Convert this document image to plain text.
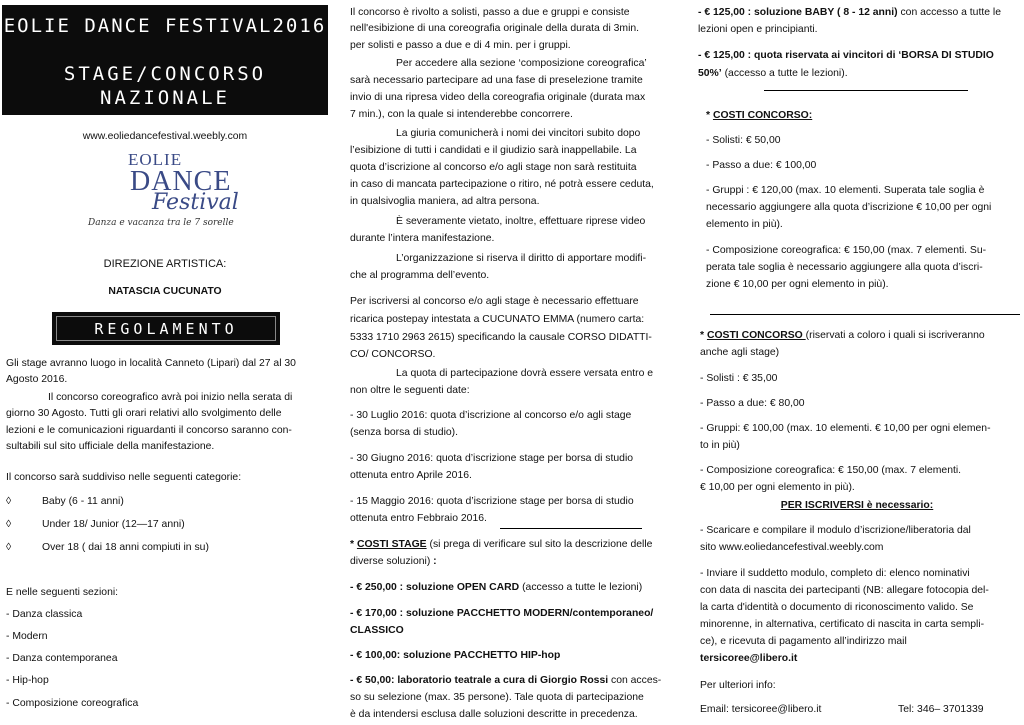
EOLIE DANCE FESTIVAL2016
STAGE/CONCORSO
NAZIONALE
www.eoliedancefestival.weebly.com
EOLIE
DANCE
Festival
Danza e vacanza tra le 7 sorelle
DIREZIONE ARTISTICA:
NATASCIA CUCUNATO
REGOLAMENTO
Gli stage avranno luogo in località Canneto (Lipari) dal 27 al 30
Agosto 2016.
Il concorso coreografico avrà poi inizio nella serata di
giorno 30 Agosto. Tutti gli orari relativi allo svolgimento delle
lezioni e le comunicazioni riguardanti il concorso saranno con-
sultabili sul sito ufficiale della manifestazione.
Il concorso sarà suddiviso nelle seguenti categorie:
◊	Baby (6 - 11 anni)
◊	Under 18/ Junior (12—17 anni)
◊	Over 18 ( dai 18 anni compiuti in su)
E nelle seguenti sezioni:
- Danza classica
- Modern
- Danza contemporanea
- Hip-hop
- Composizione coreografica
Il concorso è rivolto a solisti, passo a due e gruppi e consiste
nell'esibizione di una coreografia originale della durata di 3min.
per solisti e passo a due e di 4 min. per i gruppi.
Per accedere alla sezione ‘composizione coreografica’
sarà necessario partecipare ad una fase di preselezione tramite
invio di una ripresa video della coreografia originale (durata max
7 min.), con la quale si intenderebbe concorrere.
La giuria comunicherà i nomi dei vincitori subito dopo
l’esibizione di tutti i candidati e il giudizio sarà inappellabile. La
quota d’iscrizione al concorso e/o agli stage non sarà restituita
in caso di mancata partecipazione o ritiro, né potrà essere ceduta,
in qualsivoglia maniera, ad altra persona.
È severamente vietato, inoltre, effettuare riprese video
durante l’intera manifestazione.
L’organizzazione si riserva il diritto di apportare modifi-
che al programma dell’evento.
Per iscriversi al concorso e/o agli stage è necessario effettuare
ricarica postepay intestata a CUCUNATO EMMA (numero carta:
5333 1710 2963 2615) specificando la causale CORSO DIDATTI-
CO/ CONCORSO.
La quota di partecipazione dovrà essere versata entro e
non oltre le seguenti date:
- 30 Luglio 2016: quota d’iscrizione al concorso e/o agli stage
(senza borsa di studio).
- 30 Giugno 2016: quota d’iscrizione stage per borsa di studio
ottenuta entro Aprile 2016.
- 15 Maggio 2016: quota d’iscrizione stage per borsa di studio
ottenuta entro Febbraio 2016.
* COSTI STAGE (si prega di verificare sul sito la descrizione delle
diverse soluzioni) :
- € 250,00 : soluzione OPEN CARD (accesso a tutte le lezioni)
- € 170,00 : soluzione PACCHETTO MODERN/contemporaneo/
CLASSICO
- € 100,00: soluzione PACCHETTO HIP-hop
- € 50,00: laboratorio teatrale a cura di Giorgio Rossi con acces-
so su selezione (max. 35 persone). Tale quota di partecipazione
è da intendersi esclusa dalle soluzioni descritte in precedenza.
- € 125,00 : soluzione BABY ( 8 - 12 anni) con accesso a tutte le
lezioni open e principianti.
- € 125,00 : quota riservata ai vincitori di ‘BORSA DI STUDIO
50%’ (accesso a tutte le lezioni).
* COSTI CONCORSO:
- Solisti: € 50,00
- Passo a due: € 100,00
- Gruppi : € 120,00 (max. 10 elementi. Superata tale soglia è
necessario aggiungere alla quota d’iscrizione € 10,00 per ogni
elemento in più).
- Composizione coreografica: € 150,00 (max. 7 elementi. Su-
perata tale soglia è necessario aggiungere alla quota d’iscri-
zione € 10,00 per ogni elemento in più).
* COSTI CONCORSO (riservati a coloro i quali si iscriveranno
anche agli stage)
- Solisti : € 35,00
- Passo a due: € 80,00
- Gruppi: € 100,00 (max. 10 elementi. € 10,00 per ogni elemen-
to in più)
- Composizione coreografica: € 150,00 (max. 7 elementi.
€ 10,00 per ogni elemento in più).
PER ISCRIVERSI è necessario:
- Scaricare e compilare il modulo d’iscrizione/liberatoria dal
sito www.eoliedancefestival.weebly.com
- Inviare il suddetto modulo, completo di: elenco nominativi
con data di nascita dei partecipanti (NB: allegare fotocopia del-
la carta d'identità o documento di riconoscimento valido. Se
minorenne, in alternativa, certificato di nascita in carta sempli-
ce), e ricevuta di pagamento all’indirizzo mail
tersicoree@libero.it
Per ulteriori info:
Email: tersicoree@libero.it	Tel: 346– 3701339
